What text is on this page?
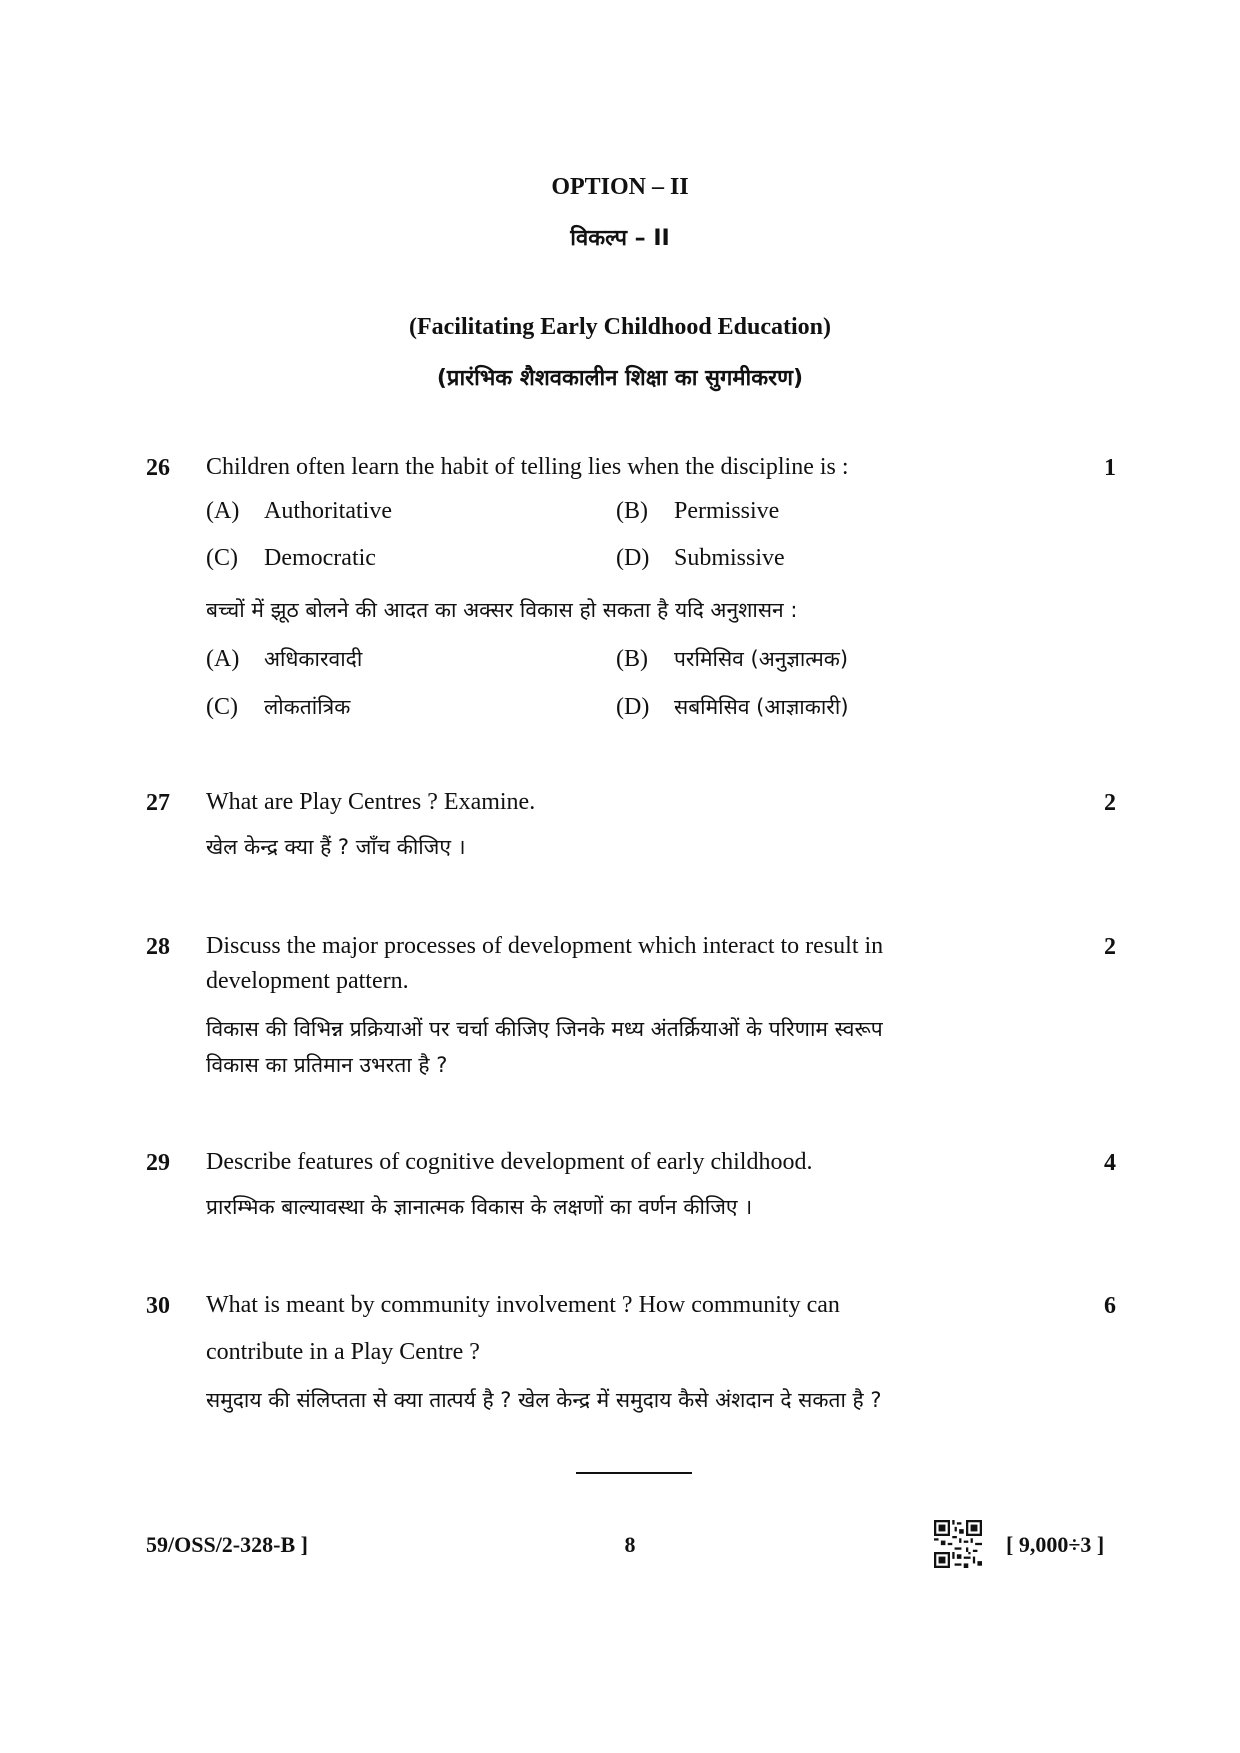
OPTION – II
विकल्प – II
(Facilitating Early Childhood Education)
(प्रारंभिक शैशवकालीन शिक्षा का सुगमीकरण)
26 Children often learn the habit of telling lies when the discipline is :	1
(A) Authoritative	(B) Permissive
(C) Democratic	(D) Submissive
बच्चों में झूठ बोलने की आदत का अक्सर विकास हो सकता है यदि अनुशासन :
(A) अधिकारवादी	(B) परमिसिव (अनुज्ञात्मक)
(C) लोकतांत्रिक	(D) सबमिसिव (आज्ञाकारी)
27 What are Play Centres ? Examine.	2
खेल केन्द्र क्या हैं ? जाँच कीजिए ।
28 Discuss the major processes of development which interact to result in
development pattern.
2
विकास की विभिन्न प्रक्रियाओं पर चर्चा कीजिए जिनके मध्य अंतर्क्रियाओं के परिणाम स्वरूप
विकास का प्रतिमान उभरता है ?
29 Describe features of cognitive development of early childhood.	4
प्रारम्भिक बाल्यावस्था के ज्ञानात्मक विकास के लक्षणों का वर्णन कीजिए ।
30 What is meant by community involvement ? How community can
contribute in a Play Centre ?
6
समुदाय की संलिप्तता से क्या तात्पर्य है ? खेल केन्द्र में समुदाय कैसे अंशदान दे सकता है ?
59/OSS/2-328-B ]	8	[ 9,000÷3 ]
